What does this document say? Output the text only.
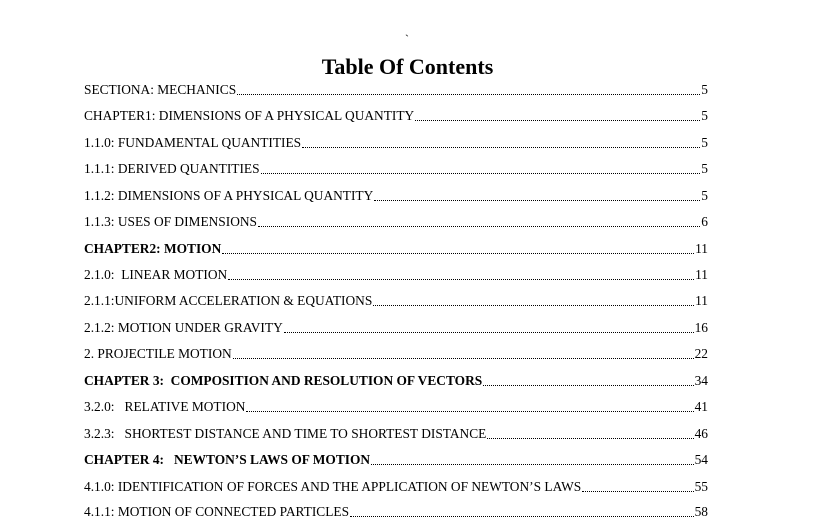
`
Table Of Contents
SECTIONA: MECHANICS	5
CHAPTER1: DIMENSIONS OF A PHYSICAL QUANTITY	5
1.1.0: FUNDAMENTAL QUANTITIES	5
1.1.1: DERIVED QUANTITIES	5
1.1.2: DIMENSIONS OF A PHYSICAL QUANTITY	5
1.1.3: USES OF DIMENSIONS	6
CHAPTER2: MOTION	11
2.1.0:  LINEAR MOTION	11
2.1.1:UNIFORM ACCELERATION & EQUATIONS	11
2.1.2: MOTION UNDER GRAVITY	16
2. PROJECTILE MOTION	22
CHAPTER 3:  COMPOSITION AND RESOLUTION OF VECTORS	34
3.2.0:   RELATIVE MOTION	41
3.2.3:   SHORTEST DISTANCE AND TIME TO SHORTEST DISTANCE	46
CHAPTER 4:   NEWTON’S LAWS OF MOTION	54
4.1.0: IDENTIFICATION OF FORCES AND THE APPLICATION OF NEWTON’S LAWS	55
4.1.1: MOTION OF CONNECTED PARTICLES	58
